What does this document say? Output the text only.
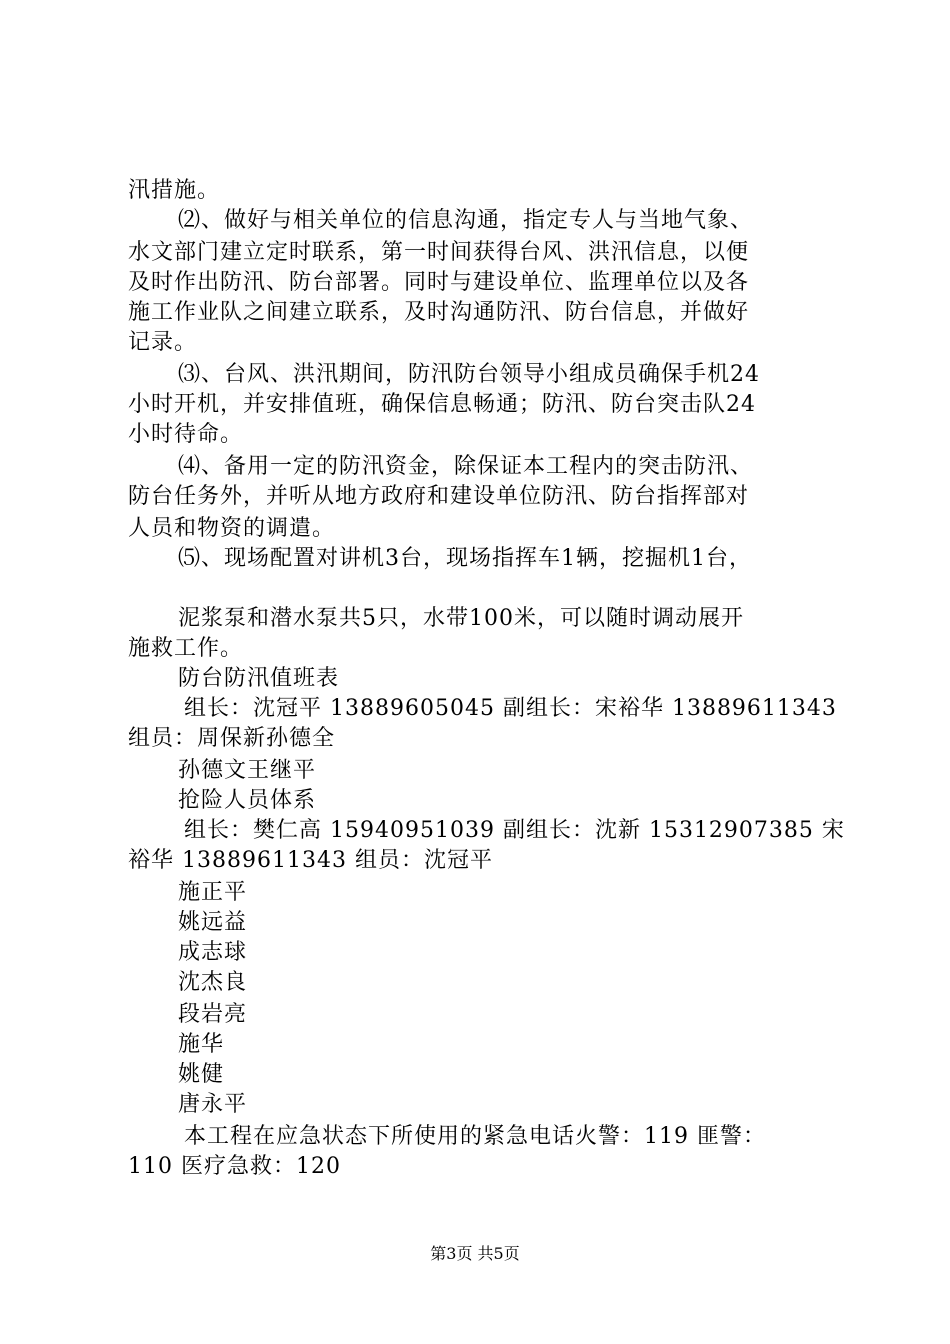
汛措施。
⑵、做好与相关单位的信息沟通，指定专人与当地气象、
水文部门建立定时联系，第一时间获得台风、洪汛信息，以便
及时作出防汛、防台部署。同时与建设单位、监理单位以及各
施工作业队之间建立联系，及时沟通防汛、防台信息，并做好
记录。
⑶、台风、洪汛期间，防汛防台领导小组成员确保手机24
小时开机，并安排值班，确保信息畅通；防汛、防台突击队24
小时待命。
⑷、备用一定的防汛资金，除保证本工程内的突击防汛、
防台任务外，并听从地方政府和建设单位防汛、防台指挥部对
人员和物资的调遣。
⑸、现场配置对讲机3台，现场指挥车1辆，挖掘机1台，
泥浆泵和潜水泵共5只，水带100米，可以随时调动展开
施救工作。
防台防汛值班表
组长：沈冠平 13889605045 副组长：宋裕华 13889611343
组员：周保新孙德全
孙德文王继平
抢险人员体系
组长：樊仁高 15940951039 副组长：沈新 15312907385 宋
裕华 13889611343 组员：沈冠平
施正平
姚远益
成志球
沈杰良
段岩亮
施华
姚健
唐永平
本工程在应急状态下所使用的紧急电话火警：119 匪警：
110 医疗急救：120
第3页 共5页
